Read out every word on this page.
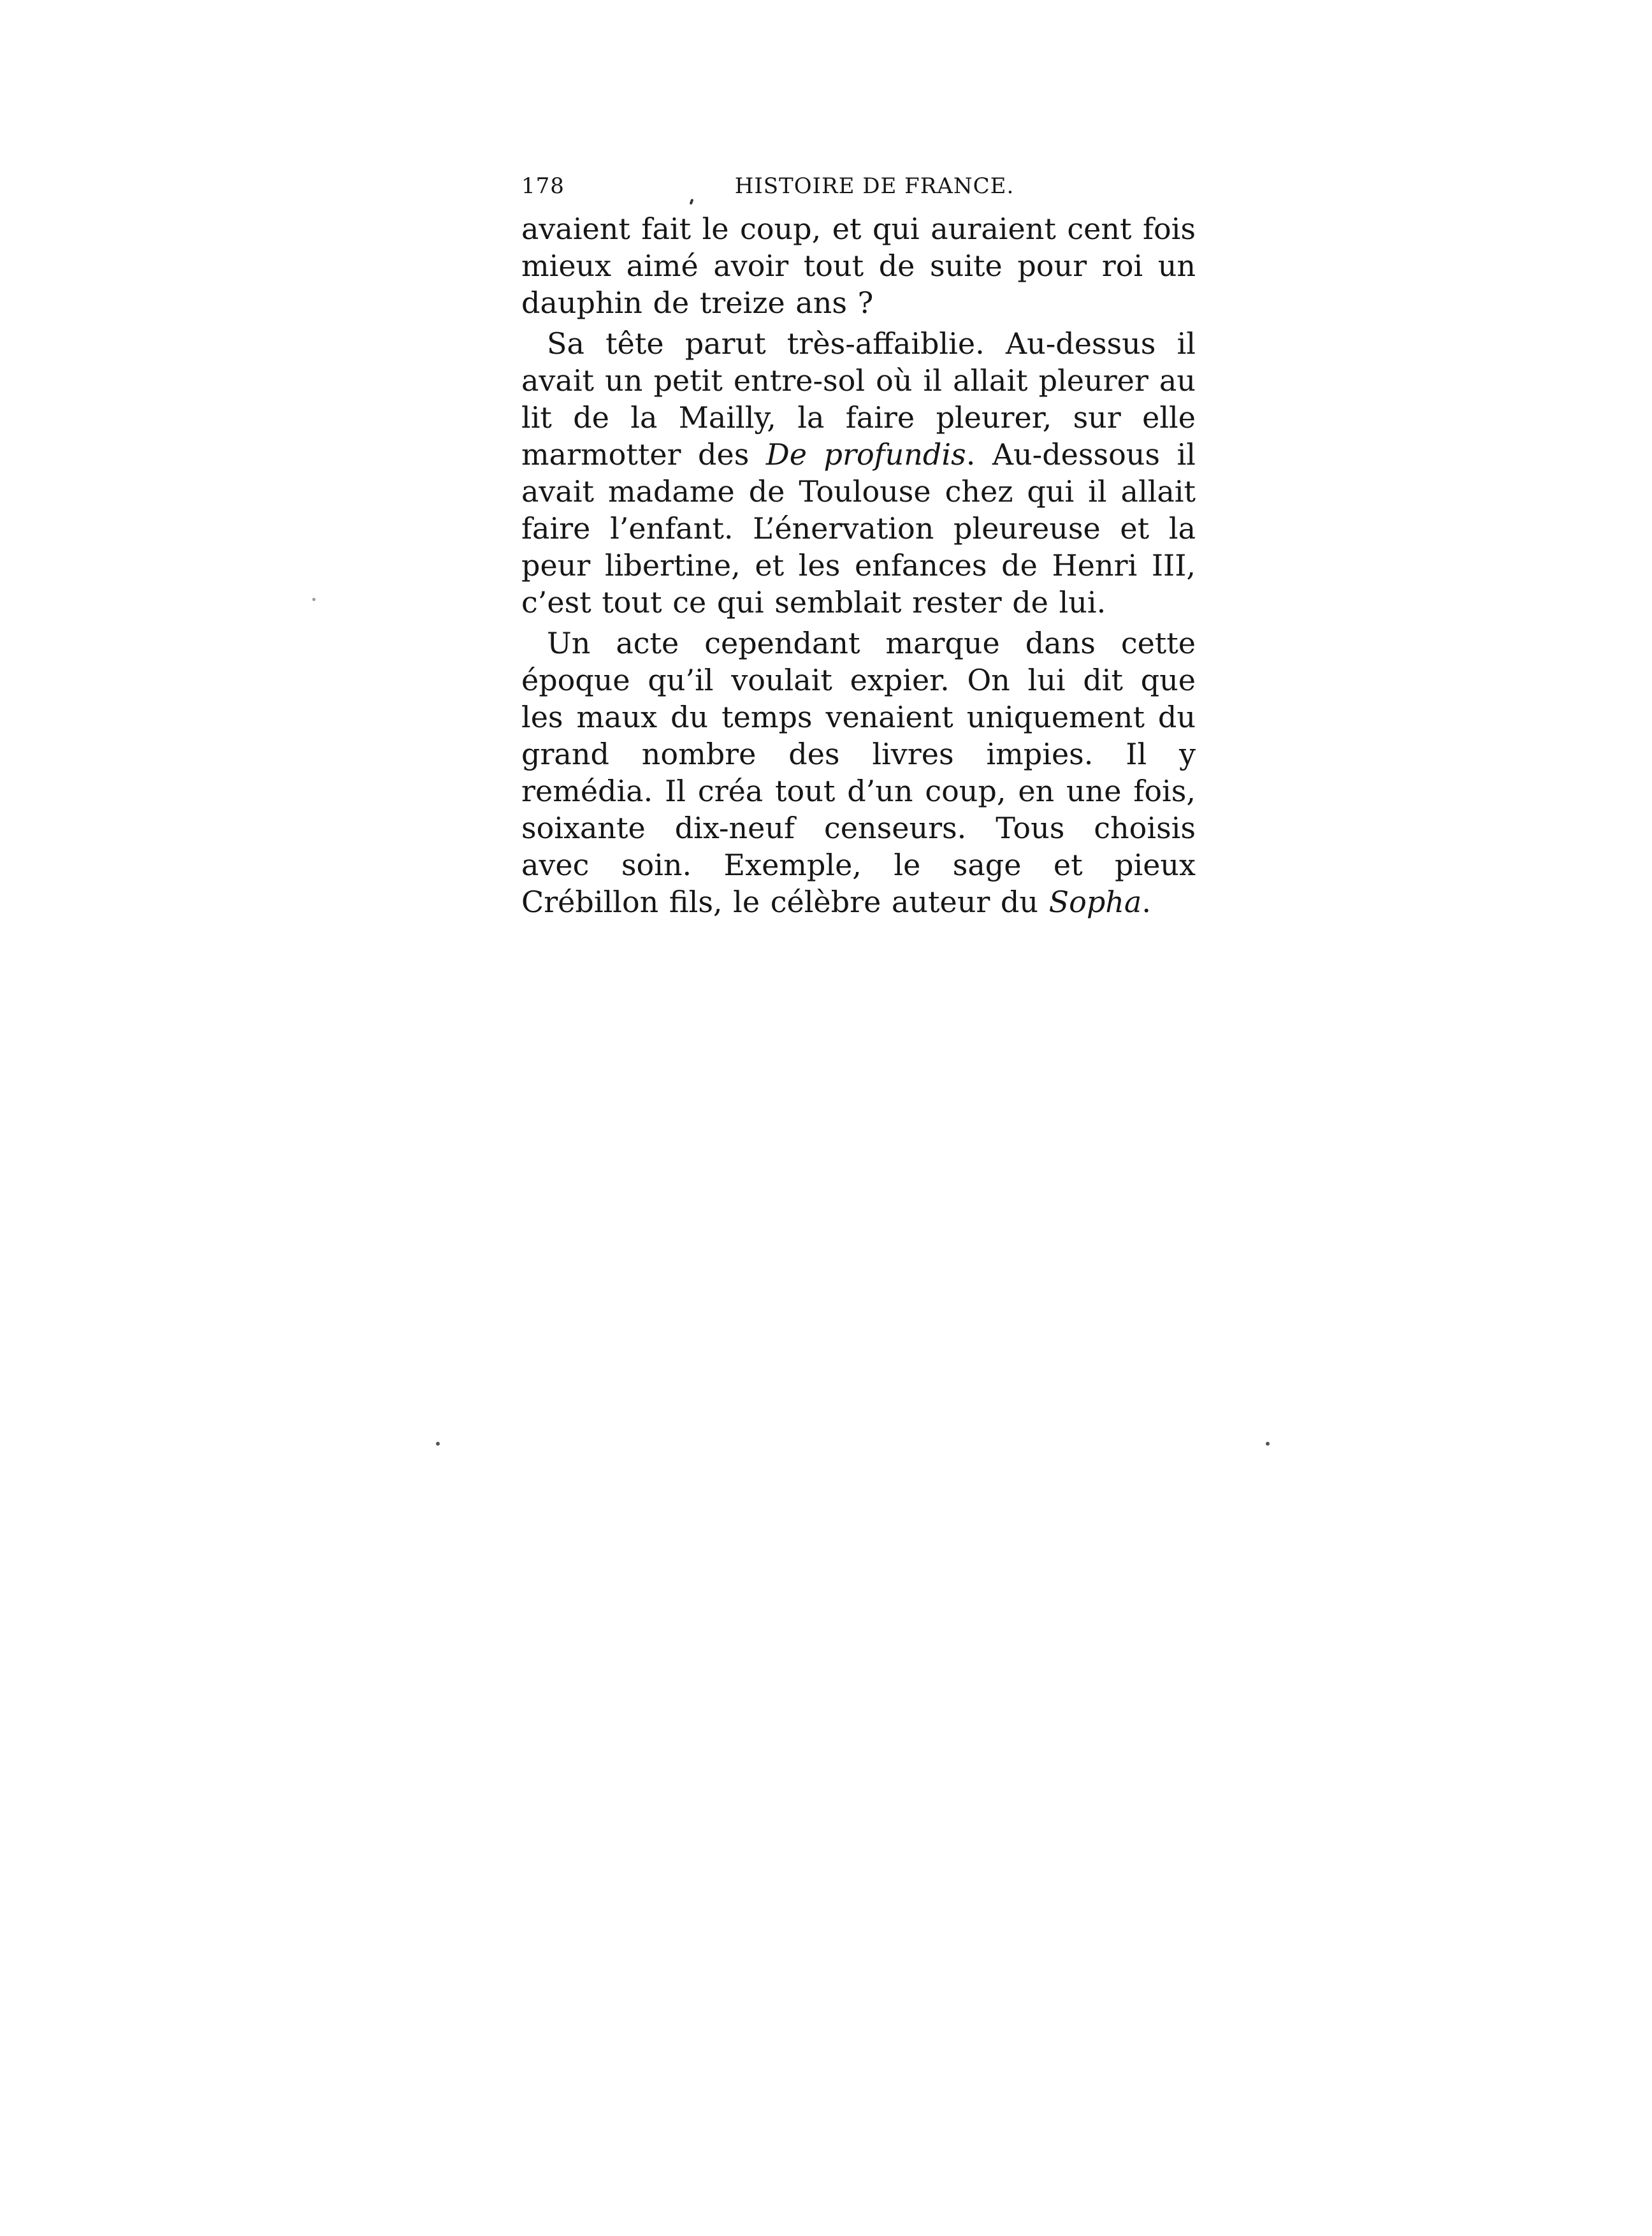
178	HISTOIRE DE FRANCE.

avaient fait le coup, et qui auraient cent fois mieux aimé avoir tout de suite pour roi un dauphin de treize ans ?

Sa tête parut très-affaiblie. Au-dessus il avait un petit entre-sol où il allait pleurer au lit de la Mailly, la faire pleurer, sur elle marmotter des De profundis. Au-dessous il avait madame de Toulouse chez qui il allait faire l’enfant. L’énervation pleureuse et la peur libertine, et les enfances de Henri III, c’est tout ce qui semblait rester de lui.

Un acte cependant marque dans cette époque qu’il voulait expier. On lui dit que les maux du temps venaient uniquement du grand nombre des livres impies. Il y remédia. Il créa tout d’un coup, en une fois, soixante dix-neuf censeurs. Tous choisis avec soin. Exemple, le sage et pieux Crébillon fils, le célèbre auteur du Sopha.
